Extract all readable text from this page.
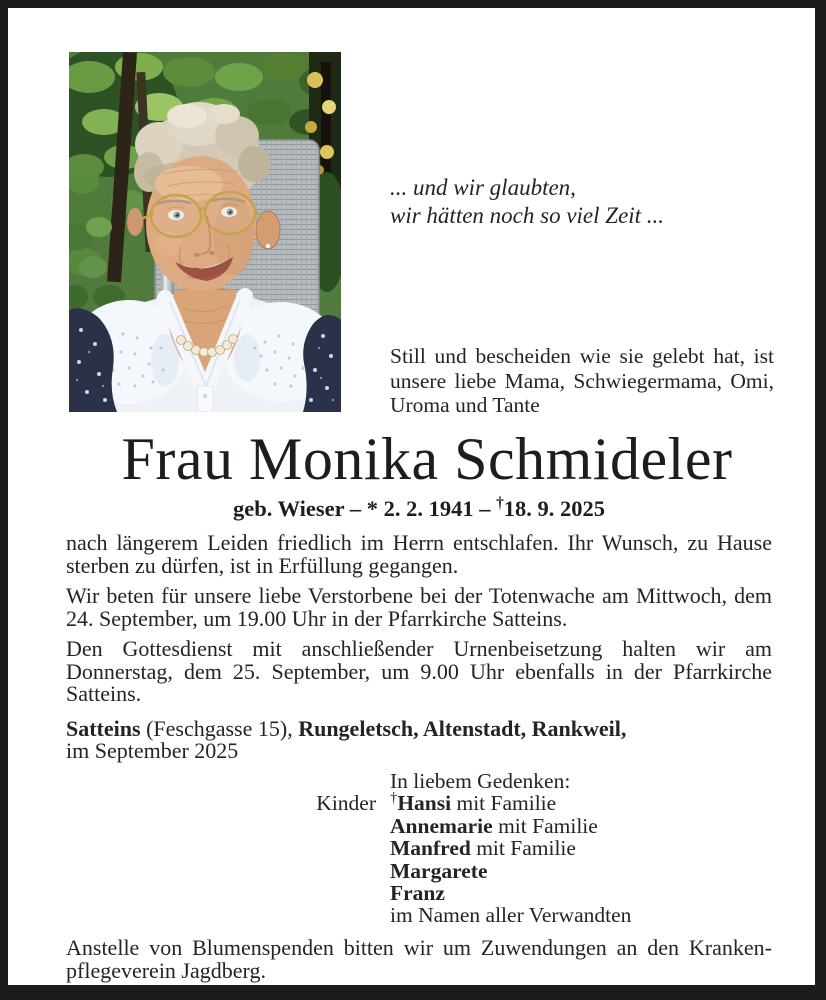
... und wir glaubten,
wir hätten noch so viel Zeit ...
Still und bescheiden wie sie gelebt hat, ist unsere liebe Mama, Schwiegermama, Omi, Uroma und Tante
Frau Monika Schmideler
geb. Wieser – * 2. 2. 1941 – †18. 9. 2025

nach längerem Leiden friedlich im Herrn entschlafen. Ihr Wunsch, zu Hause sterben zu dürfen, ist in Erfüllung gegangen.

Wir beten für unsere liebe Verstorbene bei der Totenwache am Mittwoch, dem 24. September, um 19.00 Uhr in der Pfarrkirche Satteins.

Den Gottesdienst mit anschließender Urnenbeisetzung halten wir am Donnerstag, dem 25. September, um 9.00 Uhr ebenfalls in der Pfarrkirche Satteins.

Satteins (Feschgasse 15), Rungeletsch, Altenstadt, Rankweil,
im September 2025
Kinder
In liebem Gedenken:
†Hansi mit Familie
Annemarie mit Familie
Manfred mit Familie
Margarete
Franz
im Namen aller Verwandten
Anstelle von Blumenspenden bitten wir um Zuwendungen an den Kranken-
pflegeverein Jagdberg.
